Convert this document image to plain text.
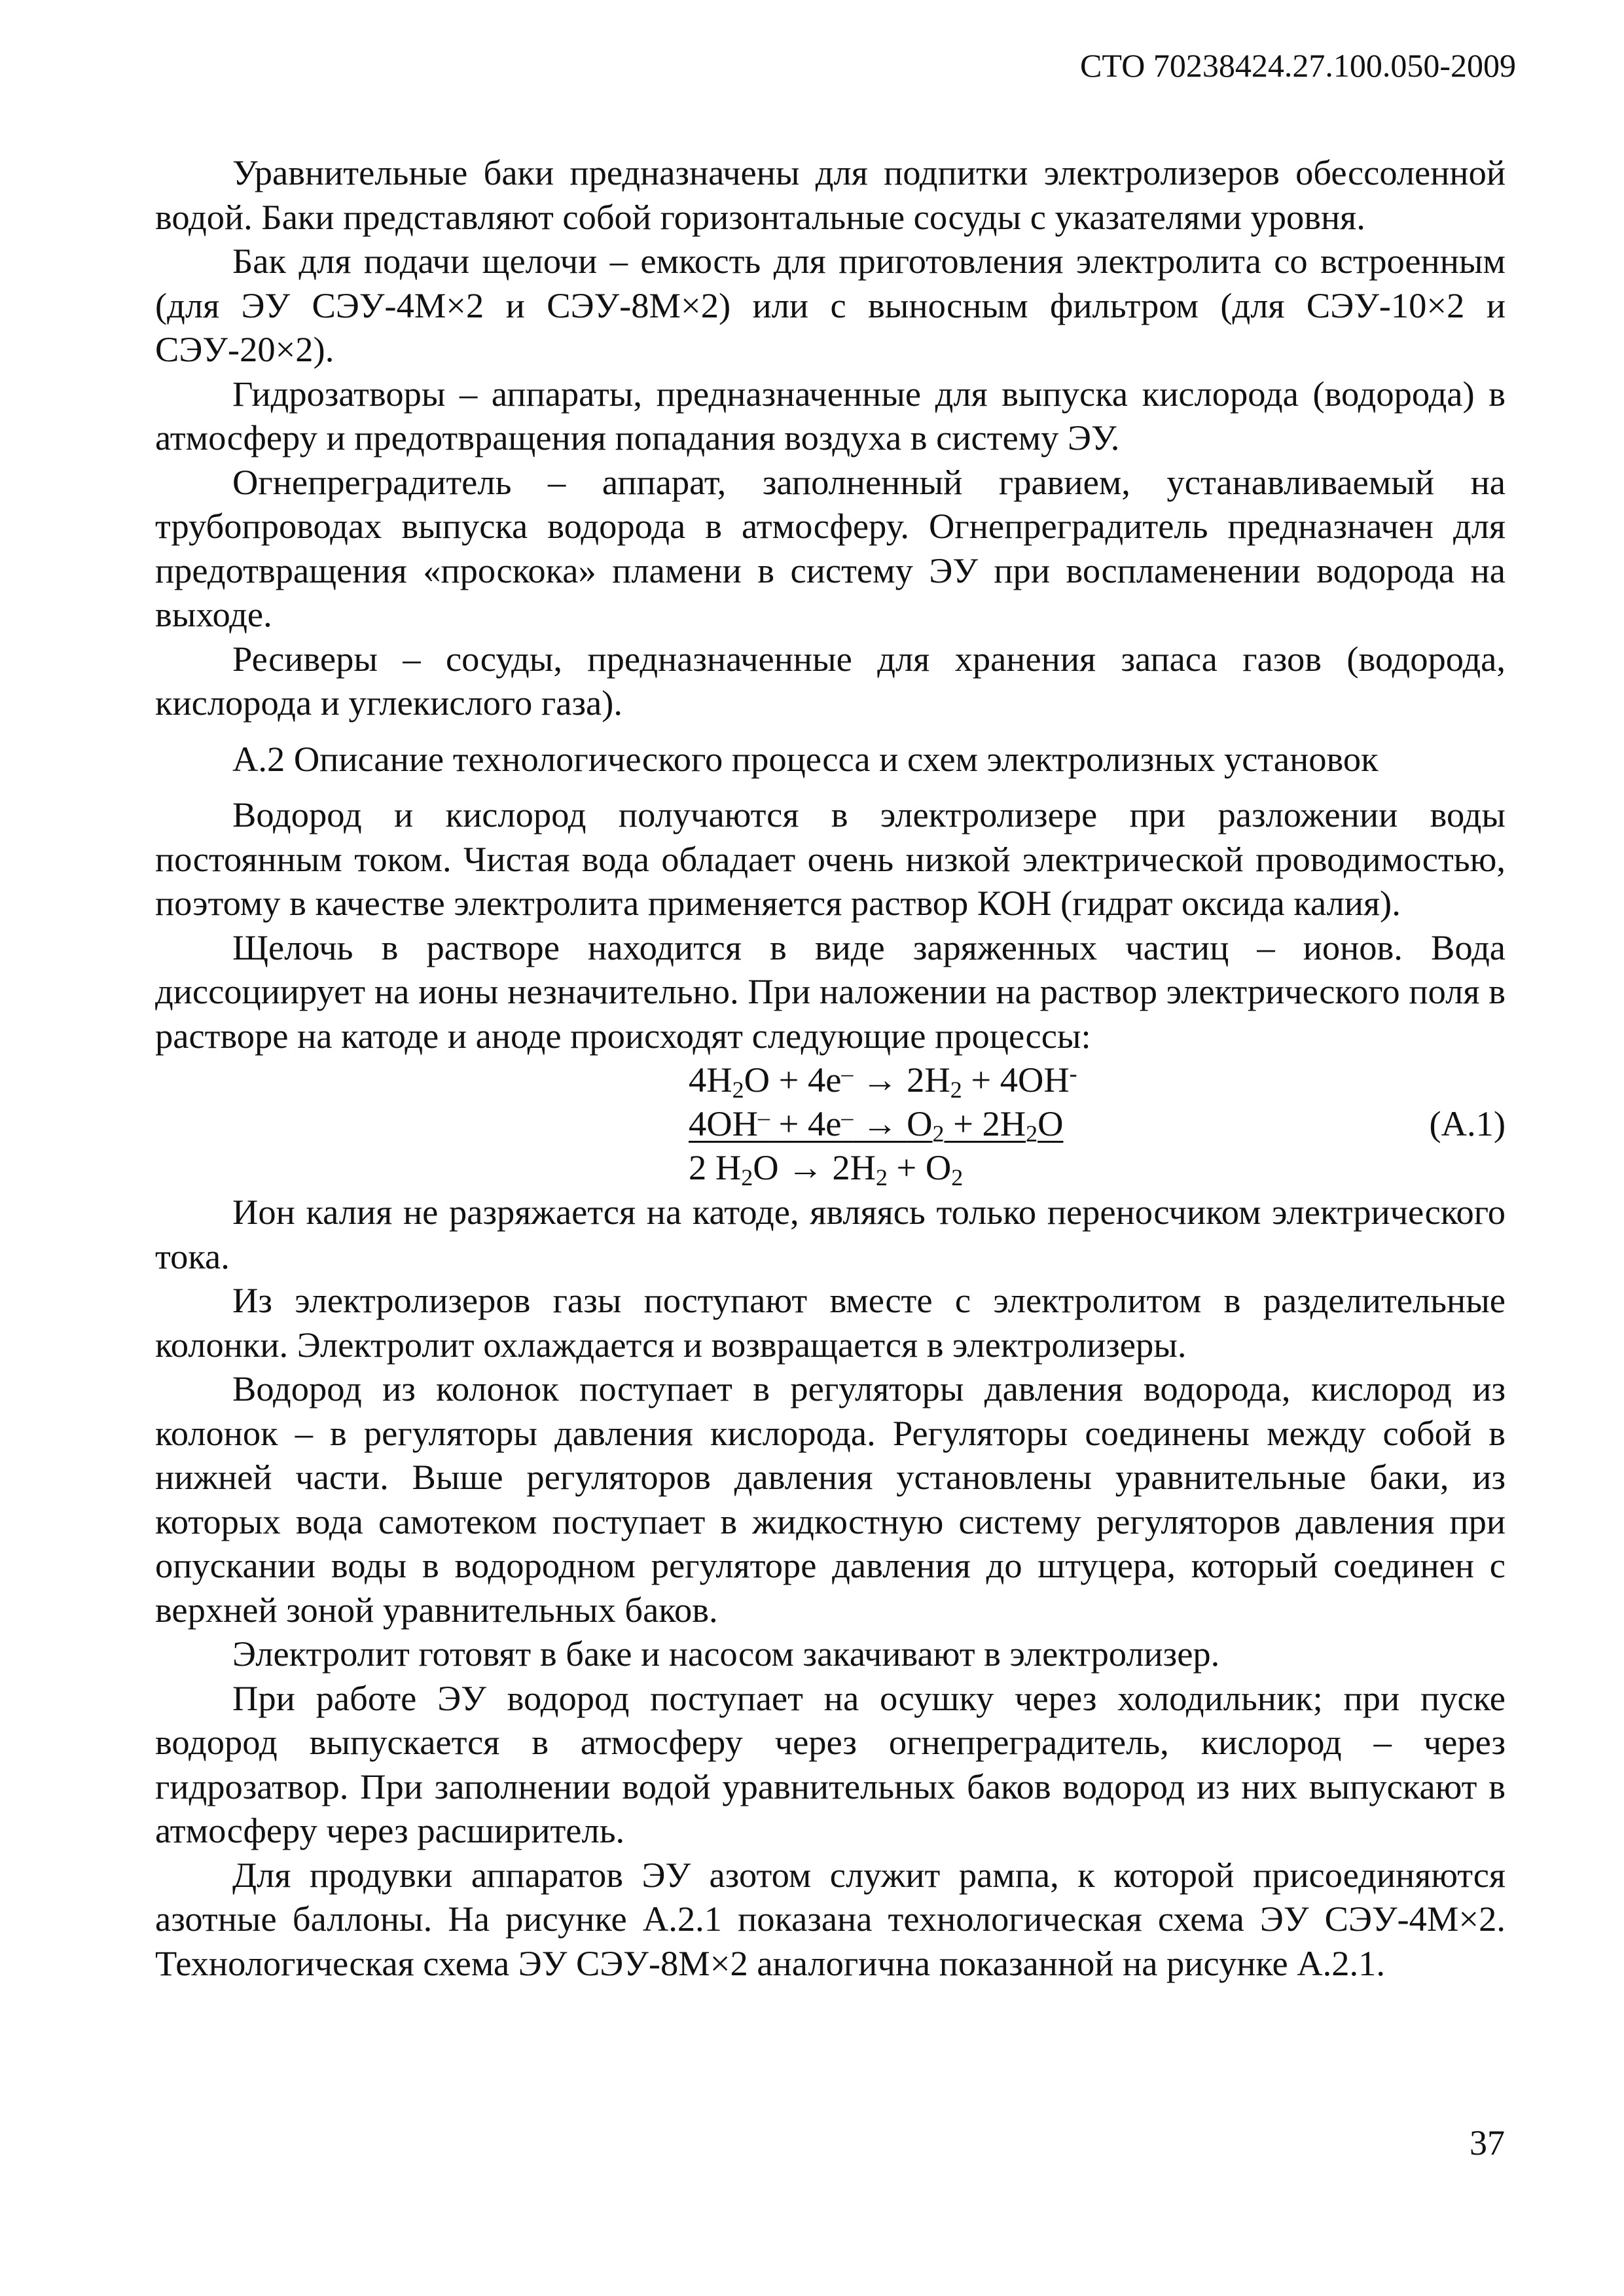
СТО 70238424.27.100.050-2009

Уравнительные баки предназначены для подпитки электролизеров обессоленной водой. Баки представляют собой горизонтальные сосуды с указателями уровня.

Бак для подачи щелочи – емкость для приготовления электролита со встроенным (для ЭУ СЭУ-4М×2 и СЭУ-8М×2) или с выносным фильтром (для СЭУ-10×2 и СЭУ-20×2).

Гидрозатворы – аппараты, предназначенные для выпуска кислорода (водорода) в атмосферу и предотвращения попадания воздуха в систему ЭУ.

Огнепреградитель – аппарат, заполненный гравием, устанавливаемый на трубопроводах выпуска водорода в атмосферу. Огнепреградитель предназначен для предотвращения «проскока» пламени в систему ЭУ при воспламенении водорода на выходе.

Ресиверы – сосуды, предназначенные для хранения запаса газов (водорода, кислорода и углекислого газа).

А.2 Описание технологического процесса и схем электролизных установок

Водород и кислород получаются в электролизере при разложении воды постоянным током. Чистая вода обладает очень низкой электрической проводимостью, поэтому в качестве электролита применяется раствор КОН (гидрат оксида калия).

Щелочь в растворе находится в виде заряженных частиц – ионов. Вода диссоциирует на ионы незначительно. При наложении на раствор электрического поля в растворе на катоде и аноде происходят следующие процессы:

$4H_2O + 4e^- \to 2H_2 + 4OH^-$
$4OH^- + 4e^- \to O_2 + 2H_2O$
2 $H_2O \to 2H_2 + O_2$
(А.1)

Ион калия не разряжается на катоде, являясь только переносчиком электрического тока.

Из электролизеров газы поступают вместе с электролитом в разделительные колонки. Электролит охлаждается и возвращается в электролизеры.

Водород из колонок поступает в регуляторы давления водорода, кислород из колонок – в регуляторы давления кислорода. Регуляторы соединены между собой в нижней части. Выше регуляторов давления установлены уравнительные баки, из которых вода самотеком поступает в жидкостную систему регуляторов давления при опускании воды в водородном регуляторе давления до штуцера, который соединен с верхней зоной уравнительных баков.

Электролит готовят в баке и насосом закачивают в электролизер.

При работе ЭУ водород поступает на осушку через холодильник; при пуске водород выпускается в атмосферу через огнепреградитель, кислород – через гидрозатвор. При заполнении водой уравнительных баков водород из них выпускают в атмосферу через расширитель.

Для продувки аппаратов ЭУ азотом служит рампа, к которой присоединяются азотные баллоны. На рисунке А.2.1 показана технологическая схема ЭУ СЭУ-4М×2. Технологическая схема ЭУ СЭУ-8М×2 аналогична показанной на рисунке А.2.1.

37
